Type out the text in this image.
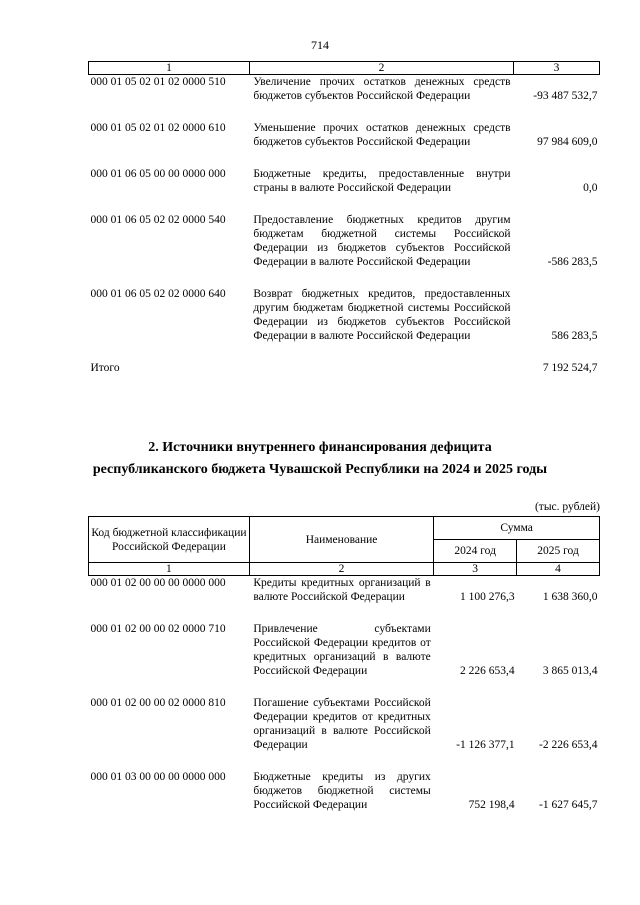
714
1	2	3
000 01 05 02 01 02 0000 510	Увеличение прочих остатков денежных средств бюджетов субъектов Российской Федерации	-93 487 532,7

000 01 05 02 01 02 0000 610	Уменьшение прочих остатков денежных средств бюджетов субъектов Российской Федерации	97 984 609,0

000 01 06 05 00 00 0000 000	Бюджетные кредиты, предоставленные внутри страны в валюте Российской Федерации	0,0

000 01 06 05 02 02 0000 540	Предоставление бюджетных кредитов другим бюджетам бюджетной системы Российской Федерации из бюджетов субъектов Российской Федерации в валюте Российской Федерации	-586 283,5

000 01 06 05 02 02 0000 640	Возврат бюджетных кредитов, предоставленных другим бюджетам бюджетной системы Российской Федерации из бюджетов субъектов Российской Федерации в валюте Российской Федерации	586 283,5

Итого		7 192 524,7
2. Источники внутреннего финансирования дефицита
республиканского бюджета Чувашской Республики на 2024 и 2025 годы
(тыс. рублей)
Код бюджетной классификации Российской Федерации	Наименование	Сумма	
		2024 год	2025 год
1	2	3	4
000 01 02 00 00 00 0000 000	Кредиты кредитных организаций в валюте Российской Федерации	1 100 276,3	1 638 360,0

000 01 02 00 00 02 0000 710	Привлечение субъектами Российской Федерации кредитов от кредитных организаций в валюте Российской Федерации	2 226 653,4	3 865 013,4

000 01 02 00 00 02 0000 810	Погашение субъектами Российской Федерации кредитов от кредитных организаций в валюте Российской Федерации	-1 126 377,1	-2 226 653,4

000 01 03 00 00 00 0000 000	Бюджетные кредиты из других бюджетов бюджетной системы Российской Федерации	752 198,4	-1 627 645,7
